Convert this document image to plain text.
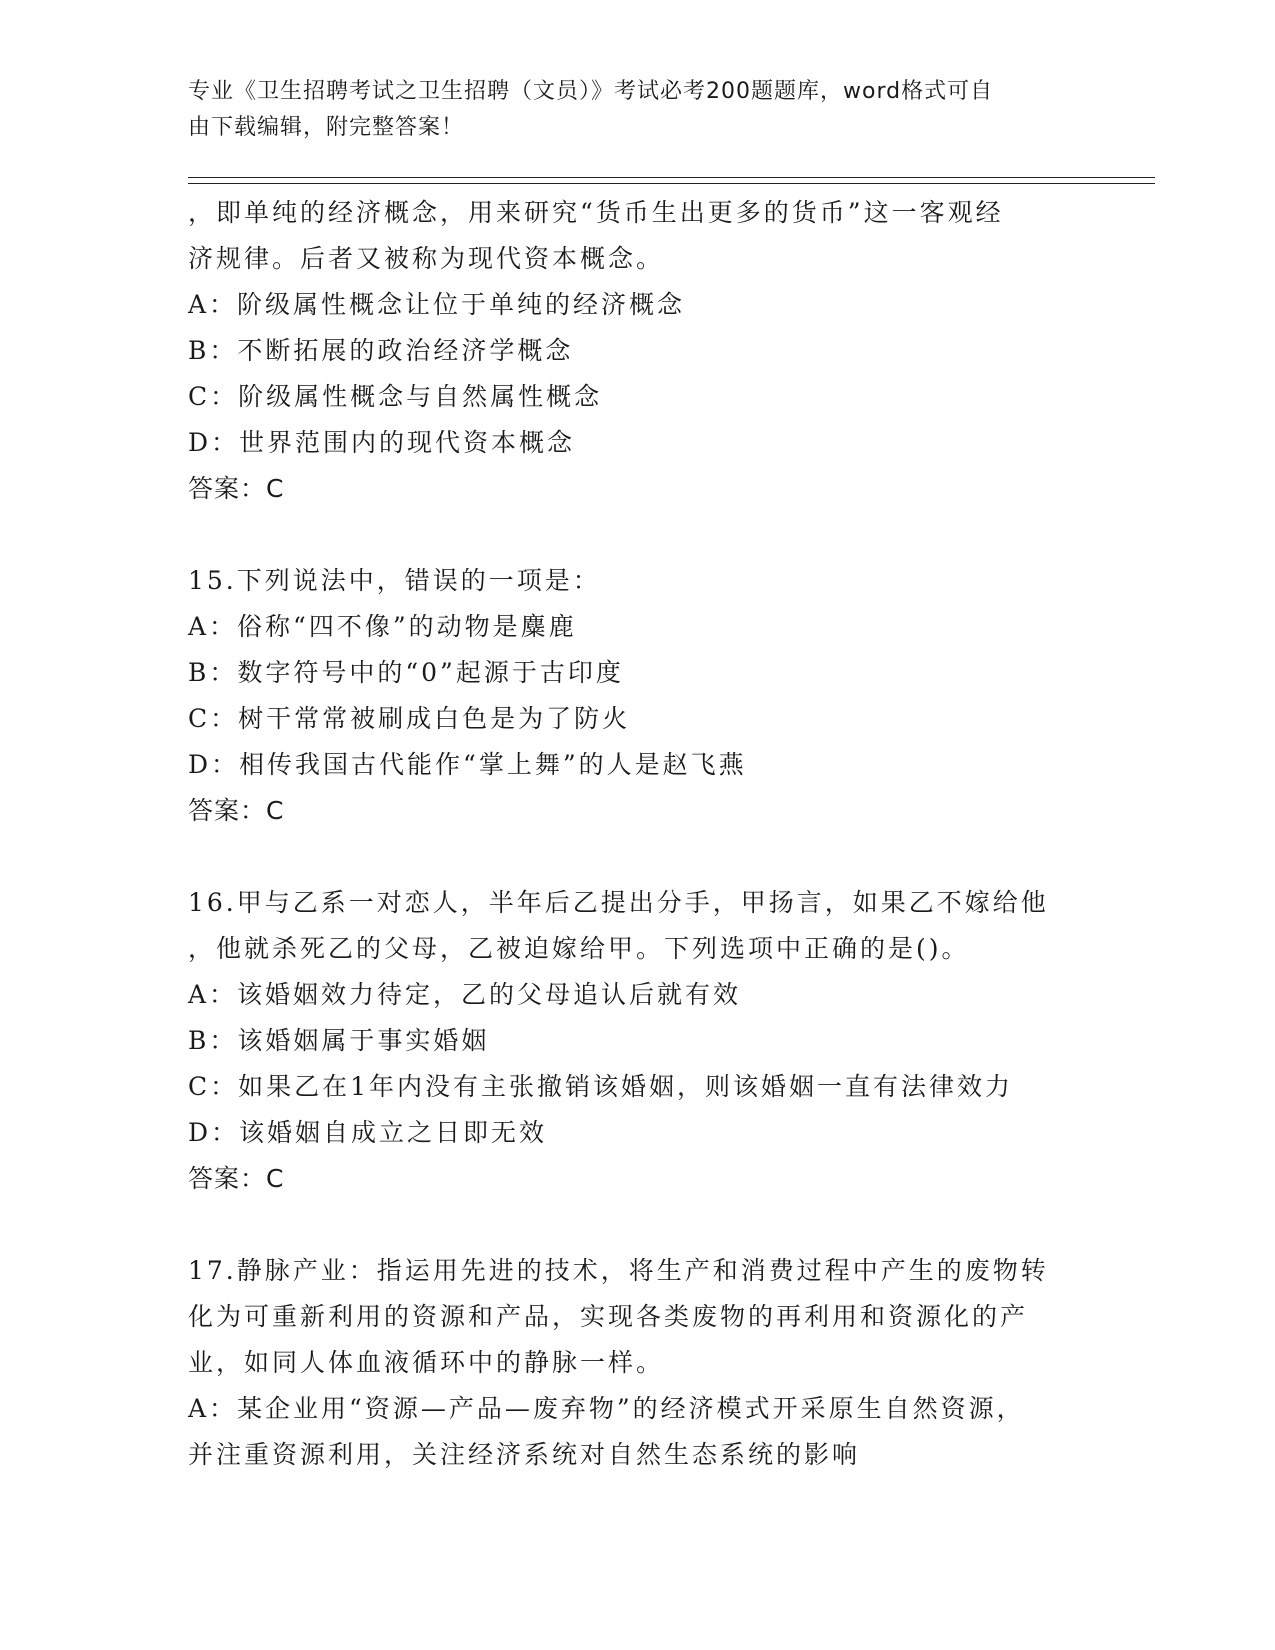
专业《卫生招聘考试之卫生招聘（文员）》考试必考200题题库，word格式可自
由下载编辑，附完整答案！
，即单纯的经济概念，用来研究“货币生出更多的货币”这一客观经
济规律。后者又被称为现代资本概念。
A：阶级属性概念让位于单纯的经济概念
B：不断拓展的政治经济学概念
C：阶级属性概念与自然属性概念
D：世界范围内的现代资本概念
答案：C
15.下列说法中，错误的一项是：
A：俗称“四不像”的动物是麋鹿
B：数字符号中的“0”起源于古印度
C：树干常常被刷成白色是为了防火
D：相传我国古代能作“掌上舞”的人是赵飞燕
答案：C
16.甲与乙系一对恋人，半年后乙提出分手，甲扬言，如果乙不嫁给他
，他就杀死乙的父母，乙被迫嫁给甲。下列选项中正确的是()。
A：该婚姻效力待定，乙的父母追认后就有效
B：该婚姻属于事实婚姻
C：如果乙在1年内没有主张撤销该婚姻，则该婚姻一直有法律效力
D：该婚姻自成立之日即无效
答案：C
17.静脉产业：指运用先进的技术，将生产和消费过程中产生的废物转
化为可重新利用的资源和产品，实现各类废物的再利用和资源化的产
业，如同人体血液循环中的静脉一样。
A：某企业用“资源—产品—废弃物”的经济模式开采原生自然资源，
并注重资源利用，关注经济系统对自然生态系统的影响
